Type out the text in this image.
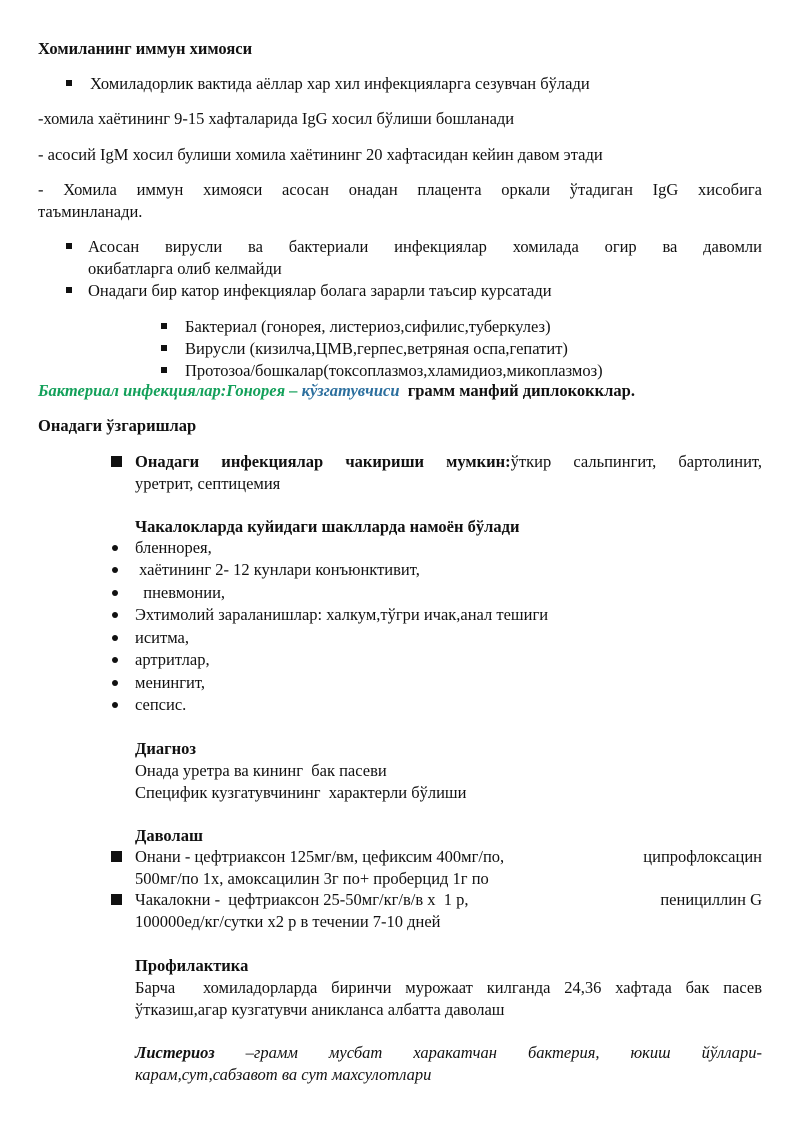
Хомиланинг иммун химояси
Хомиладорлик вактида аёллар хар хил инфекцияларга сезувчан бўлади
-хомила хаётининг 9-15 хафталарида IgG хосил бўлиши бошланади
- асосий IgM хосил булиши хомила хаётининг 20 хафтасидан кейин давом этади
- Хомила иммун химояси асосан онадан плацента оркали ўтадиган IgG хисобига
таъминланади.
Асосан вирусли ва бактериали инфекциялар хомилада огир ва давомли
окибатларга олиб келмайди
Онадаги бир катор инфекциялар болага зарарли таъсир курсатади
Бактериал (гонорея, листериоз,сифилис,туберкулез)
Вирусли (кизилча,ЦМВ,герпес,ветряная оспа,гепатит)
Протозоа/бошкалар(токсоплазмоз,хламидиоз,микоплазмоз)
Бактериал инфекциялар:Гонорея – кўзгатувчиси  грамм манфий диплококклар.
Онадаги ўзгаришлар
Онадаги инфекциялар чакириши мумкин:ўткир сальпингит, бартолинит,
уретрит, септицемия
Чакалокларда куйидаги шаклларда намоён бўлади
бленнорея,
хаётининг 2- 12 кунлари конъюнктивит,
пневмонии,
Эхтимолий зараланишлар: халкум,тўгри ичак,анал тешиги
иситма,
артритлар,
менингит,
сепсис.
Диагноз
Онада уретра ва кининг  бак пасеви
Специфик кузгатувчининг  характерли бўлиши
Даволаш
Онани - цефтриаксон 125мг/вм, цефиксим 400мг/по,	ципрофлоксацин
500мг/по 1х, амоксацилин 3г по+ проберцид 1г по
Чакалокни -  цефтриаксон 25-50мг/кг/в/в х  1 р,	пенициллин G
100000ед/кг/сутки х2 р в течении 7-10 дней
Профилактика
Барча  хомиладорларда биринчи мурожаат килганда 24,36 хафтада бак пасев
ўтказиш,агар кузгатувчи аникланса албатта даволаш
Листериоз –грамм мусбат харакатчан бактерия, юкиш йўллари-
карам,сут,сабзавот ва сут махсулотлари
